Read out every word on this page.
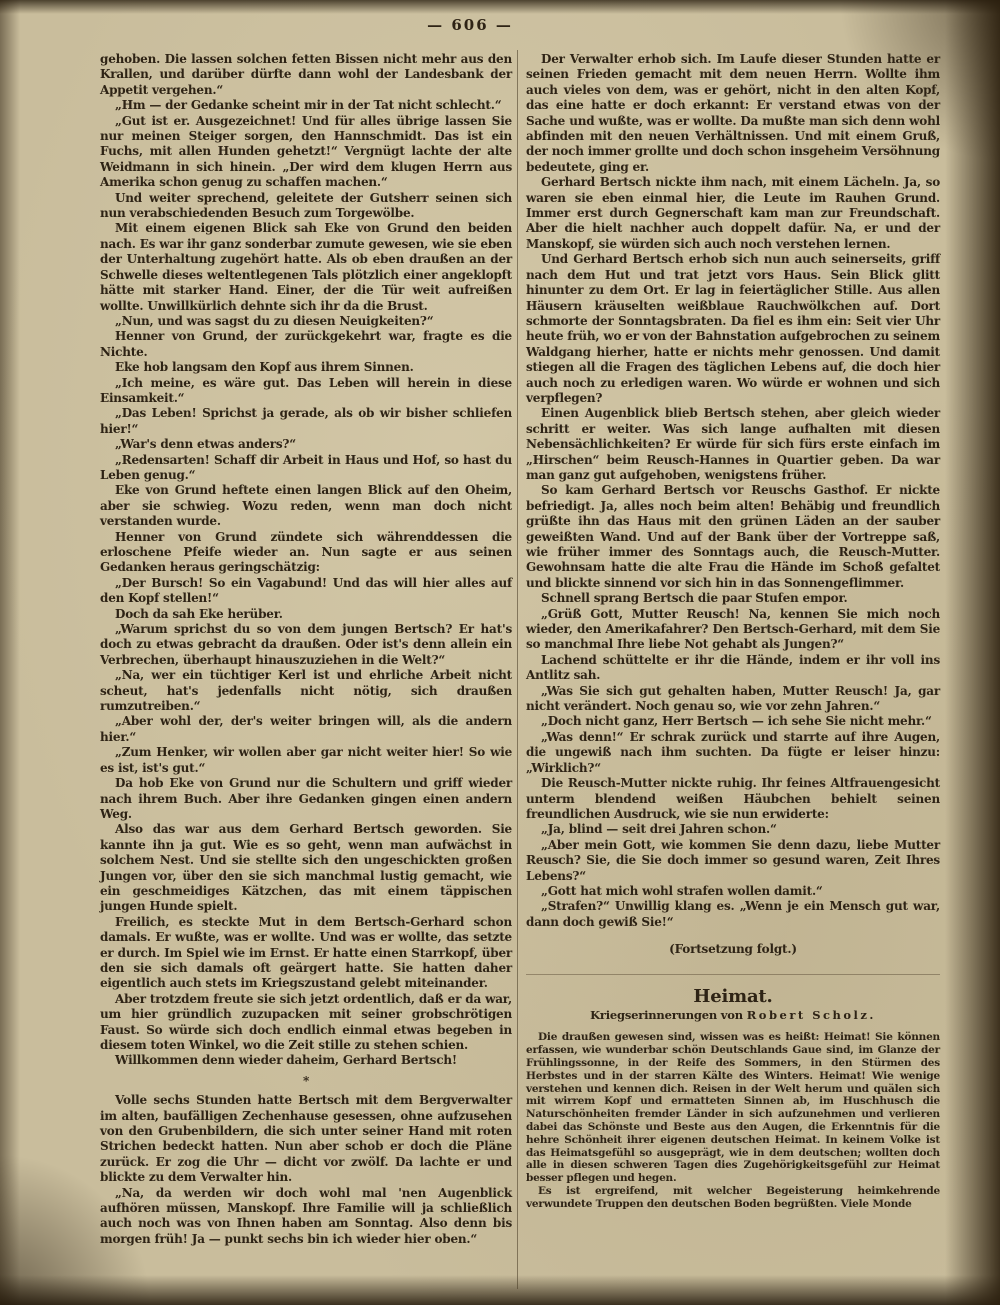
— 606 —

gehoben. Die lassen solchen fetten Bissen nicht mehr aus den Krallen, und darüber dürfte dann wohl der Landesbank der Appetit vergehen.“

„Hm — der Gedanke scheint mir in der Tat nicht schlecht.“

„Gut ist er. Ausgezeichnet! Und für alles übrige lassen Sie nur meinen Steiger sorgen, den Hannschmidt. Das ist ein Fuchs, mit allen Hunden gehetzt!“ Vergnügt lachte der alte Weidmann in sich hinein. „Der wird dem klugen Herrn aus Amerika schon genug zu schaffen machen.“

Und weiter sprechend, geleitete der Gutsherr seinen sich nun verabschiedenden Besuch zum Torgewölbe.

Mit einem eigenen Blick sah Eke von Grund den beiden nach. Es war ihr ganz sonderbar zumute gewesen, wie sie eben der Unterhaltung zugehört hatte. Als ob eben draußen an der Schwelle dieses weltentlegenen Tals plötzlich einer angeklopft hätte mit starker Hand. Einer, der die Tür weit aufreißen wollte. Unwillkürlich dehnte sich ihr da die Brust.

„Nun, und was sagst du zu diesen Neuigkeiten?“

Henner von Grund, der zurückgekehrt war, fragte es die Nichte.

Eke hob langsam den Kopf aus ihrem Sinnen.

„Ich meine, es wäre gut. Das Leben will herein in diese Einsamkeit.“

„Das Leben! Sprichst ja gerade, als ob wir bisher schliefen hier!“

„War's denn etwas anders?“

„Redensarten! Schaff dir Arbeit in Haus und Hof, so hast du Leben genug.“

Eke von Grund heftete einen langen Blick auf den Oheim, aber sie schwieg. Wozu reden, wenn man doch nicht verstanden wurde.

Henner von Grund zündete sich währenddessen die erloschene Pfeife wieder an. Nun sagte er aus seinen Gedanken heraus geringschätzig:

„Der Bursch! So ein Vagabund! Und das will hier alles auf den Kopf stellen!“

Doch da sah Eke herüber.

„Warum sprichst du so von dem jungen Bertsch? Er hat's doch zu etwas gebracht da draußen. Oder ist's denn allein ein Verbrechen, überhaupt hinauszuziehen in die Welt?“

„Na, wer ein tüchtiger Kerl ist und ehrliche Arbeit nicht scheut, hat's jedenfalls nicht nötig, sich draußen rumzutreiben.“

„Aber wohl der, der's weiter bringen will, als die andern hier.“

„Zum Henker, wir wollen aber gar nicht weiter hier! So wie es ist, ist's gut.“

Da hob Eke von Grund nur die Schultern und griff wieder nach ihrem Buch. Aber ihre Gedanken gingen einen andern Weg.

Also das war aus dem Gerhard Bertsch geworden. Sie kannte ihn ja gut. Wie es so geht, wenn man aufwächst in solchem Nest. Und sie stellte sich den ungeschickten großen Jungen vor, über den sie sich manchmal lustig gemacht, wie ein geschmeidiges Kätzchen, das mit einem täppischen jungen Hunde spielt.

Freilich, es steckte Mut in dem Bertsch-Gerhard schon damals. Er wußte, was er wollte. Und was er wollte, das setzte er durch. Im Spiel wie im Ernst. Er hatte einen Starrkopf, über den sie sich damals oft geärgert hatte. Sie hatten daher eigentlich auch stets im Kriegszustand gelebt miteinander.

Aber trotzdem freute sie sich jetzt ordentlich, daß er da war, um hier gründlich zuzupacken mit seiner grobschrötigen Faust. So würde sich doch endlich einmal etwas begeben in diesem toten Winkel, wo die Zeit stille zu stehen schien.

Willkommen denn wieder daheim, Gerhard Bertsch!

*

Volle sechs Stunden hatte Bertsch mit dem Bergverwalter im alten, baufälligen Zechenhause gesessen, ohne aufzusehen von den Grubenbildern, die sich unter seiner Hand mit roten Strichen bedeckt hatten. Nun aber schob er doch die Pläne zurück. Er zog die Uhr — dicht vor zwölf. Da lachte er und blickte zu dem Verwalter hin.

„Na, da werden wir doch wohl mal 'nen Augenblick aufhören müssen, Manskopf. Ihre Familie will ja schließlich auch noch was von Ihnen haben am Sonntag. Also denn bis morgen früh! Ja — punkt sechs bin ich wieder hier oben.“

Der Verwalter erhob sich. Im Laufe dieser Stunden hatte er seinen Frieden gemacht mit dem neuen Herrn. Wollte ihm auch vieles von dem, was er gehört, nicht in den alten Kopf, das eine hatte er doch erkannt: Er verstand etwas von der Sache und wußte, was er wollte. Da mußte man sich denn wohl abfinden mit den neuen Verhältnissen. Und mit einem Gruß, der noch immer grollte und doch schon insgeheim Versöhnung bedeutete, ging er.

Gerhard Bertsch nickte ihm nach, mit einem Lächeln. Ja, so waren sie eben einmal hier, die Leute im Rauhen Grund. Immer erst durch Gegnerschaft kam man zur Freundschaft. Aber die hielt nachher auch doppelt dafür. Na, er und der Manskopf, sie würden sich auch noch verstehen lernen.

Und Gerhard Bertsch erhob sich nun auch seinerseits, griff nach dem Hut und trat jetzt vors Haus. Sein Blick glitt hinunter zu dem Ort. Er lag in feiertäglicher Stille. Aus allen Häusern kräuselten weißblaue Rauchwölkchen auf. Dort schmorte der Sonntagsbraten. Da fiel es ihm ein: Seit vier Uhr heute früh, wo er von der Bahnstation aufgebrochen zu seinem Waldgang hierher, hatte er nichts mehr genossen. Und damit stiegen all die Fragen des täglichen Lebens auf, die doch hier auch noch zu erledigen waren. Wo würde er wohnen und sich verpflegen?

Einen Augenblick blieb Bertsch stehen, aber gleich wieder schritt er weiter. Was sich lange aufhalten mit diesen Nebensächlichkeiten? Er würde für sich fürs erste einfach im „Hirschen“ beim Reusch-Hannes in Quartier geben. Da war man ganz gut aufgehoben, wenigstens früher.

So kam Gerhard Bertsch vor Reuschs Gasthof. Er nickte befriedigt. Ja, alles noch beim alten! Behäbig und freundlich grüßte ihn das Haus mit den grünen Läden an der sauber geweißten Wand. Und auf der Bank über der Vortreppe saß, wie früher immer des Sonntags auch, die Reusch-Mutter. Gewohnsam hatte die alte Frau die Hände im Schoß gefaltet und blickte sinnend vor sich hin in das Sonnengeflimmer.

Schnell sprang Bertsch die paar Stufen empor.

„Grüß Gott, Mutter Reusch! Na, kennen Sie mich noch wieder, den Amerikafahrer? Den Bertsch-Gerhard, mit dem Sie so manchmal Ihre liebe Not gehabt als Jungen?“

Lachend schüttelte er ihr die Hände, indem er ihr voll ins Antlitz sah.

„Was Sie sich gut gehalten haben, Mutter Reusch! Ja, gar nicht verändert. Noch genau so, wie vor zehn Jahren.“

„Doch nicht ganz, Herr Bertsch — ich sehe Sie nicht mehr.“

„Was denn!“ Er schrak zurück und starrte auf ihre Augen, die ungewiß nach ihm suchten. Da fügte er leiser hinzu: „Wirklich?“

Die Reusch-Mutter nickte ruhig. Ihr feines Altfrauengesicht unterm blendend weißen Häubchen behielt seinen freundlichen Ausdruck, wie sie nun erwiderte:

„Ja, blind — seit drei Jahren schon.“

„Aber mein Gott, wie kommen Sie denn dazu, liebe Mutter Reusch? Sie, die Sie doch immer so gesund waren, Zeit Ihres Lebens?“

„Gott hat mich wohl strafen wollen damit.“

„Strafen?“ Unwillig klang es. „Wenn je ein Mensch gut war, dann doch gewiß Sie!“

(Fortsetzung folgt.)
Heimat.
Kriegserinnerungen von Robert Scholz.

Die draußen gewesen sind, wissen was es heißt: Heimat! Sie können erfassen, wie wunderbar schön Deutschlands Gaue sind, im Glanze der Frühlingssonne, in der Reife des Sommers, in den Stürmen des Herbstes und in der starren Kälte des Winters. Heimat! Wie wenige verstehen und kennen dich. Reisen in der Welt herum und quälen sich mit wirrem Kopf und ermatteten Sinnen ab, im Huschhusch die Naturschönheiten fremder Länder in sich aufzunehmen und verlieren dabei das Schönste und Beste aus den Augen, die Erkenntnis für die hehre Schönheit ihrer eigenen deutschen Heimat. In keinem Volke ist das Heimatsgefühl so ausgeprägt, wie in dem deutschen; wollten doch alle in diesen schweren Tagen dies Zugehörigkeitsgefühl zur Heimat besser pflegen und hegen.

Es ist ergreifend, mit welcher Begeisterung heimkehrende verwundete Truppen den deutschen Boden begrüßten. Viele Monde
